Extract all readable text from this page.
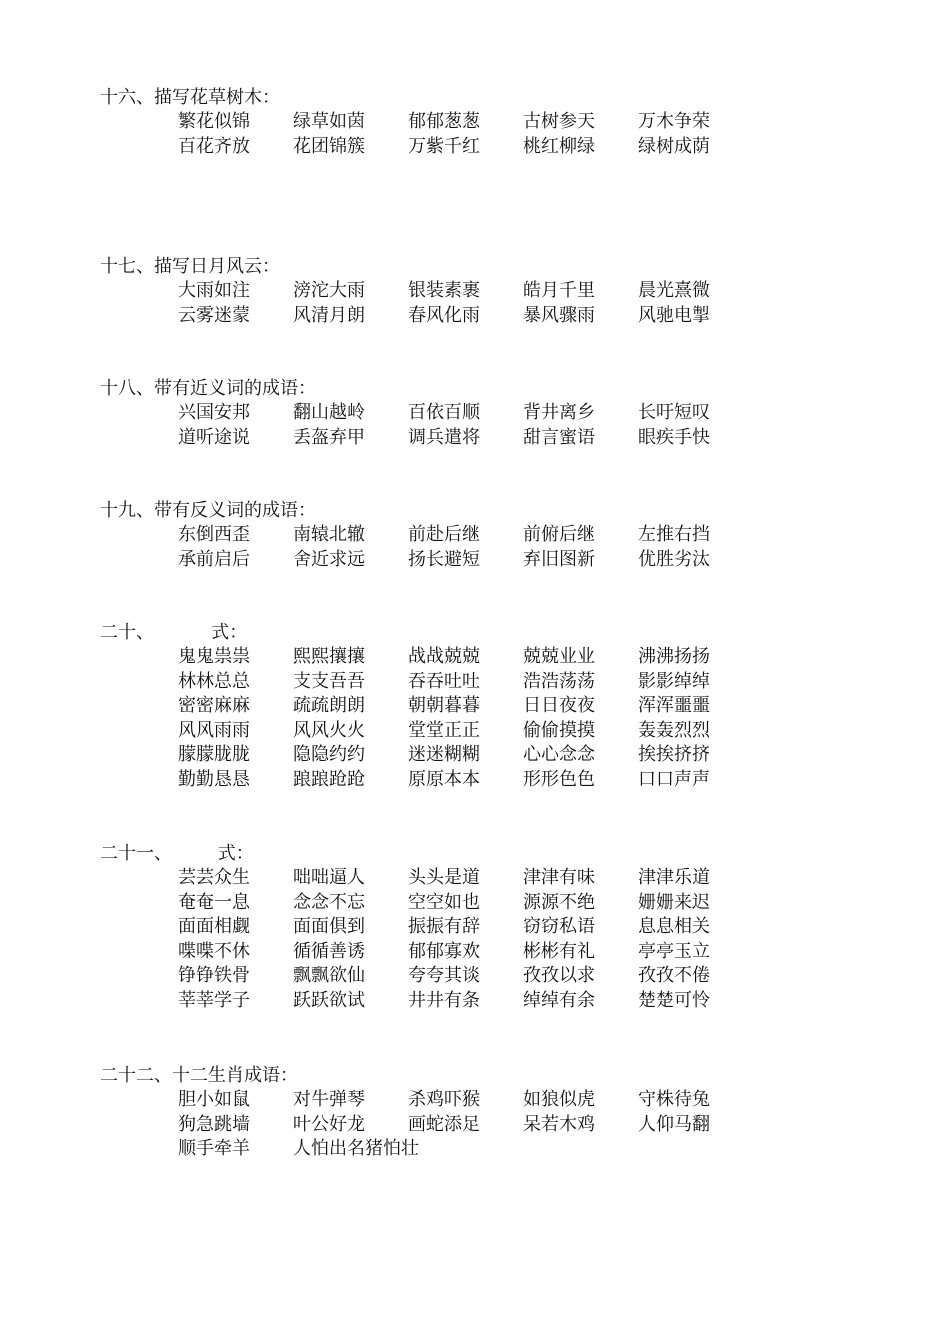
十六、描写花草树木：
繁花似锦 绿草如茵 郁郁葱葱 古树参天 万木争荣
百花齐放 花团锦簇 万紫千红 桃红柳绿 绿树成荫
十七、描写日月风云：
大雨如注 滂沱大雨 银装素裹 皓月千里 晨光熹微
云雾迷蒙 风清月朗 春风化雨 暴风骤雨 风驰电掣
十八、带有近义词的成语：
兴国安邦 翻山越岭 百依百顺 背井离乡 长吁短叹
道听途说 丢盔弃甲 调兵遣将 甜言蜜语 眼疾手快
十九、带有反义词的成语：
东倒西歪 南辕北辙 前赴后继 前俯后继 左推右挡
承前启后 舍近求远 扬长避短 弃旧图新 优胜劣汰
二十、          式：
鬼鬼祟祟 熙熙攘攘 战战兢兢 兢兢业业 沸沸扬扬
林林总总 支支吾吾 吞吞吐吐 浩浩荡荡 影影绰绰
密密麻麻 疏疏朗朗 朝朝暮暮 日日夜夜 浑浑噩噩
风风雨雨 风风火火 堂堂正正 偷偷摸摸 轰轰烈烈
朦朦胧胧 隐隐约约 迷迷糊糊 心心念念 挨挨挤挤
勤勤恳恳 踉踉跄跄 原原本本 形形色色 口口声声
二十一、        式：
芸芸众生 咄咄逼人 头头是道 津津有味 津津乐道
奄奄一息 念念不忘 空空如也 源源不绝 姗姗来迟
面面相觑 面面俱到 振振有辞 窃窃私语 息息相关
喋喋不休 循循善诱 郁郁寡欢 彬彬有礼 亭亭玉立
铮铮铁骨 飘飘欲仙 夸夸其谈 孜孜以求 孜孜不倦
莘莘学子 跃跃欲试 井井有条 绰绰有余 楚楚可怜
二十二、十二生肖成语：
胆小如鼠 对牛弹琴 杀鸡吓猴 如狼似虎 守株待兔
狗急跳墙 叶公好龙 画蛇添足 呆若木鸡 人仰马翻
顺手牵羊 人怕出名猪怕壮
